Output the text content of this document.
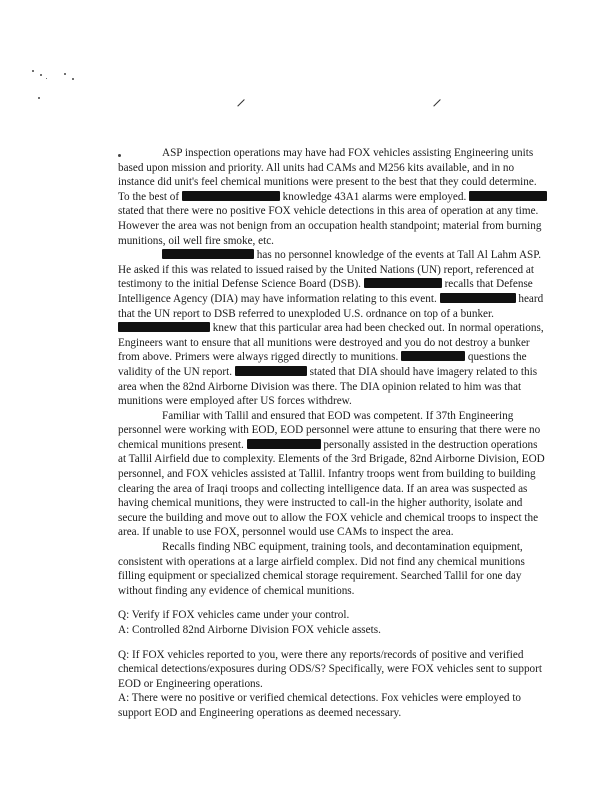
⸝	⸝

ASP inspection operations may have had FOX vehicles assisting Engineering units based upon mission and priority. All units had CAMs and M256 kits available, and in no instance did unit's feel chemical munitions were present to the best that they could determine. To the best of	knowledge 43A1 alarms were employed.  stated that there were no positive FOX vehicle detections in this area of operation at any time. However the area was not benign from an occupation health standpoint; material from burning munitions, oil well fire smoke, etc.

has no personnel knowledge of the events at Tall Al Lahm ASP. He asked if this was related to issued raised by the United Nations (UN) report, referenced at testimony to the initial Defense Science Board (DSB).	recalls that Defense Intelligence Agency (DIA) may have information relating to this event.	heard that the UN report to DSB referred to unexploded U.S. ordnance on top of a bunker.  knew that this particular area had been checked out. In normal operations, Engineers want to ensure that all munitions were destroyed and you do not destroy a bunker from above. Primers were always rigged directly to munitions.	questions the validity of the UN report.	stated that DIA should have imagery related to this area when the 82nd Airborne Division was there. The DIA opinion related to him was that munitions were employed after US forces withdrew.

Familiar with Tallil and ensured that EOD was competent. If 37th Engineering personnel were working with EOD, EOD personnel were attune to ensuring that there were no chemical munitions present.	personally assisted in the destruction operations at Tallil Airfield due to complexity. Elements of the 3rd Brigade, 82nd Airborne Division, EOD personnel, and FOX vehicles assisted at Tallil. Infantry troops went from building to building clearing the area of Iraqi troops and collecting intelligence data. If an area was suspected as having chemical munitions, they were instructed to call-in the higher authority, isolate and secure the building and move out to allow the FOX vehicle and chemical troops to inspect the area. If unable to use FOX, personnel would use CAMs to inspect the area.

Recalls finding NBC equipment, training tools, and decontamination equipment, consistent with operations at a large airfield complex. Did not find any chemical munitions filling equipment or specialized chemical storage requirement. Searched Tallil for one day without finding any evidence of chemical munitions.

Q: Verify if FOX vehicles came under your control.

A: Controlled 82nd Airborne Division FOX vehicle assets.

Q: If FOX vehicles reported to you, were there any reports/records of positive and verified chemical detections/exposures during ODS/S? Specifically, were FOX vehicles sent to support EOD or Engineering operations.

A: There were no positive or verified chemical detections. Fox vehicles were employed to support EOD and Engineering operations as deemed necessary.
